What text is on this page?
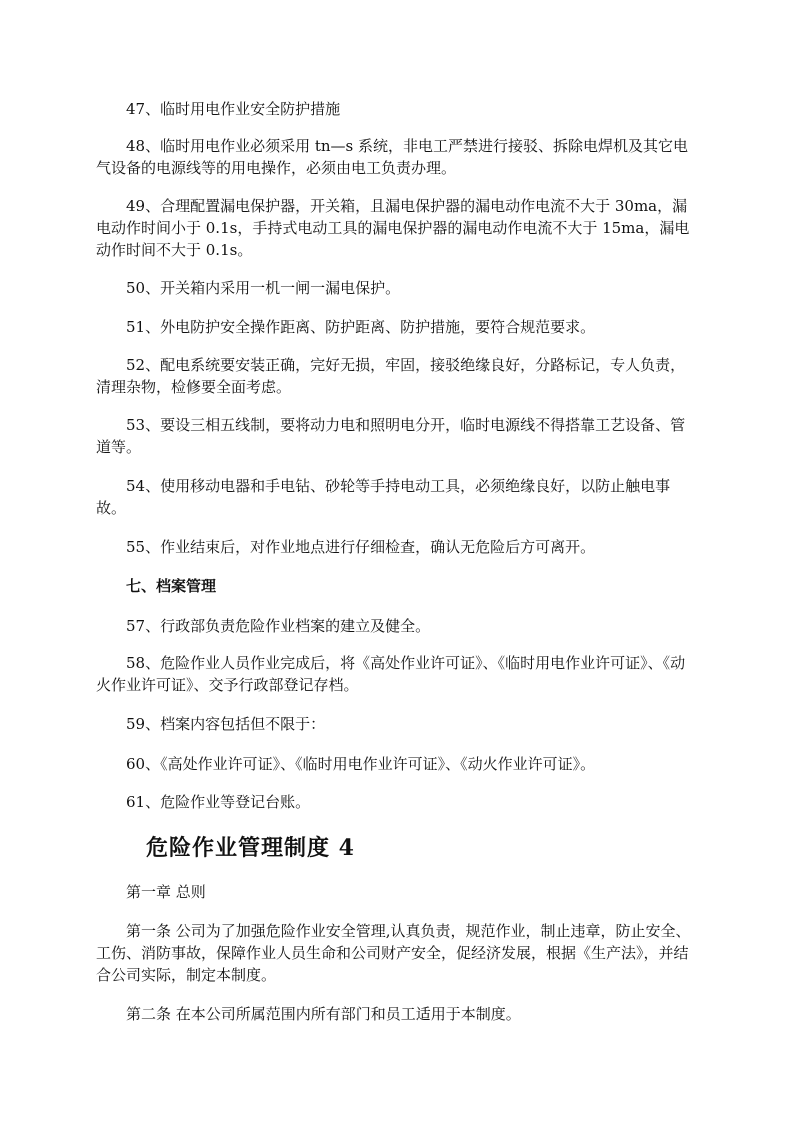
47、临时用电作业安全防护措施

48、临时用电作业必须采用 tn—s 系统，非电工严禁进行接驳、拆除电焊机及其它电气设备的电源线等的用电操作，必须由电工负责办理。

49、合理配置漏电保护器，开关箱，且漏电保护器的漏电动作电流不大于 30ma，漏电动作时间小于 0.1s，手持式电动工具的漏电保护器的漏电动作电流不大于 15ma，漏电动作时间不大于 0.1s。

50、开关箱内采用一机一闸一漏电保护。

51、外电防护安全操作距离、防护距离、防护措施，要符合规范要求。

52、配电系统要安装正确，完好无损，牢固，接驳绝缘良好，分路标记，专人负责，清理杂物，检修要全面考虑。

53、要设三相五线制，要将动力电和照明电分开，临时电源线不得搭靠工艺设备、管道等。

54、使用移动电器和手电钻、砂轮等手持电动工具，必须绝缘良好，以防止触电事故。

55、作业结束后，对作业地点进行仔细检查，确认无危险后方可离开。

七、档案管理

57、行政部负责危险作业档案的建立及健全。

58、危险作业人员作业完成后，将《高处作业许可证》、《临时用电作业许可证》、《动火作业许可证》、交予行政部登记存档。

59、档案内容包括但不限于：

60、《高处作业许可证》、《临时用电作业许可证》、《动火作业许可证》。

61、危险作业等登记台账。

危险作业管理制度 4

第一章 总则

第一条 公司为了加强危险作业安全管理,认真负责，规范作业，制止违章，防止安全、工伤、消防事故，保障作业人员生命和公司财产安全，促经济发展，根据《生产法》，并结合公司实际，制定本制度。

第二条 在本公司所属范围内所有部门和员工适用于本制度。
